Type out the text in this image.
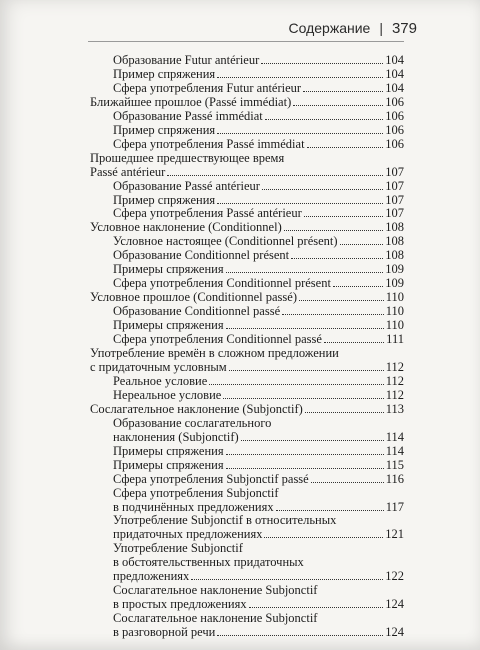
Содержание | 379
Образование Futur antérieur	104
Пример спряжения	104
Сфера употребления Futur antérieur	104
Ближайшее прошлое (Passé immédiat)	106
Образование Passé immédiat	106
Пример спряжения	106
Сфера употребления Passé immédiat	106
Прошедшее предшествующее время
Passé antérieur	107
Образование Passé antérieur	107
Пример спряжения	107
Сфера употребления Passé antérieur	107
Условное наклонение (Conditionnel)	108
Условное настоящее (Conditionnel présent)	108
Образование Conditionnel présent	108
Примеры спряжения	109
Сфера употребления Conditionnel présent	109
Условное прошлое (Conditionnel passé)	110
Образование Conditionnel passé	110
Примеры спряжения	110
Сфера употребления Conditionnel passé	111
Употребление времён в сложном предложении
с придаточным условным	112
Реальное условие	112
Нереальное условие	112
Сослагательное наклонение (Subjonctif)	113
Образование сослагательного
наклонения (Subjonctif)	114
Примеры спряжения	114
Примеры спряжения	115
Сфера употребления Subjonctif passé	116
Сфера употребления Subjonctif
в подчинённых предложениях	117
Употребление Subjonctif в относительных
придаточных предложениях	121
Употребление Subjonctif
в обстоятельственных придаточных
предложениях	122
Сослагательное наклонение Subjonctif
в простых предложениях	124
Сослагательное наклонение Subjonctif
в разговорной речи	124
